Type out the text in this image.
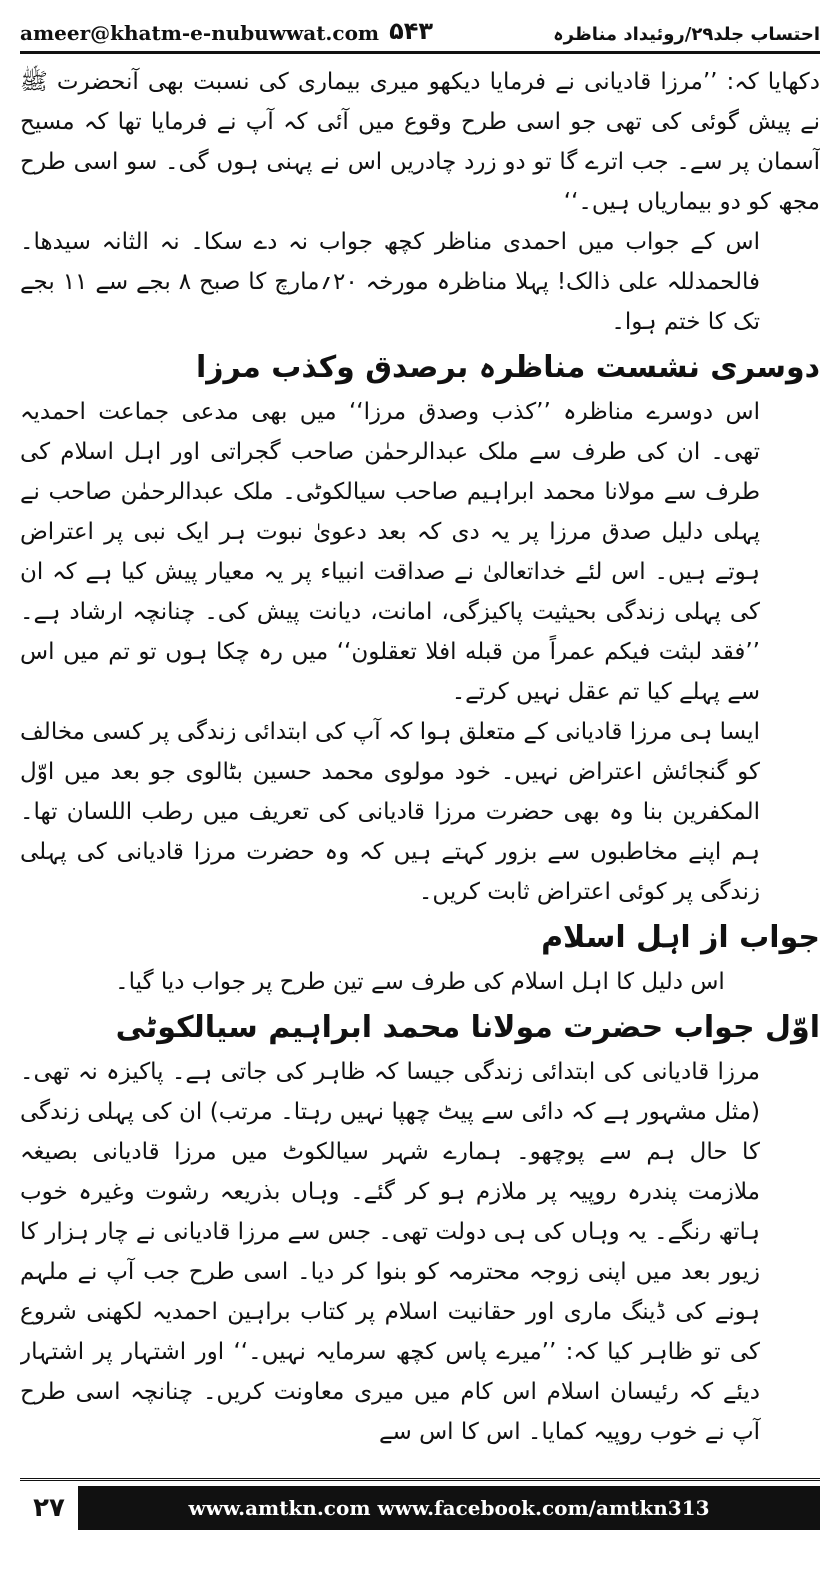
ameer@khatm-e-nubuwwat.com ۵۴۳	احتساب جلد۲۹/روئیداد مناظرہ

دکھایا کہ: ’’مرزا قادیانی نے فرمایا دیکھو میری بیماری کی نسبت بھی آنحضرت ﷺ نے پیش گوئی کی تھی جو اسی طرح وقوع میں آئی کہ آپ نے فرمایا تھا کہ مسیح آسمان پر سے۔ جب اترے گا تو دو زرد چادریں اس نے پہنی ہوں گی۔ سو اسی طرح مجھ کو دو بیماریاں ہیں۔‘‘

اس کے جواب میں احمدی مناظر کچھ جواب نہ دے سکا۔ نہ الثانہ سیدھا۔ فالحمدللہ علی ذالک! پہلا مناظرہ مورخہ ۲۰؍مارچ کا صبح ۸ بجے سے ۱۱ بجے تک کا ختم ہوا۔

دوسری نشست مناظرہ برصدق وکذب مرزا

اس دوسرے مناظرہ ’’کذب وصدق مرزا‘‘ میں بھی مدعی جماعت احمدیہ تھی۔ ان کی طرف سے ملک عبدالرحمٰن صاحب گجراتی اور اہل اسلام کی طرف سے مولانا محمد ابراہیم صاحب سیالکوٹی۔ ملک عبدالرحمٰن صاحب نے پہلی دلیل صدق مرزا پر یہ دی کہ بعد دعویٰ نبوت ہر ایک نبی پر اعتراض ہوتے ہیں۔ اس لئے خداتعالیٰ نے صداقت انبیاء پر یہ معیار پیش کیا ہے کہ ان کی پہلی زندگی بحیثیت پاکیزگی، امانت، دیانت پیش کی۔ چنانچہ ارشاد ہے۔ ’’فقد لبثت فیکم عمراً من قبله افلا تعقلون‘‘ میں رہ چکا ہوں تو تم میں اس سے پہلے کیا تم عقل نہیں کرتے۔

ایسا ہی مرزا قادیانی کے متعلق ہوا کہ آپ کی ابتدائی زندگی پر کسی مخالف کو گنجائش اعتراض نہیں۔ خود مولوی محمد حسین بٹالوی جو بعد میں اوّل المکفرین بنا وہ بھی حضرت مرزا قادیانی کی تعریف میں رطب اللسان تھا۔ ہم اپنے مخاطبوں سے بزور کہتے ہیں کہ وہ حضرت مرزا قادیانی کی پہلی زندگی پر کوئی اعتراض ثابت کریں۔

جواب از اہل اسلام

اس دلیل کا اہل اسلام کی طرف سے تین طرح پر جواب دیا گیا۔

اوّل جواب حضرت مولانا محمد ابراہیم سیالکوٹی

مرزا قادیانی کی ابتدائی زندگی جیسا کہ ظاہر کی جاتی ہے۔ پاکیزہ نہ تھی۔ (مثل مشہور ہے کہ دائی سے پیٹ چھپا نہیں رہتا۔ مرتب) ان کی پہلی زندگی کا حال ہم سے پوچھو۔ ہمارے شہر سیالکوٹ میں مرزا قادیانی بصیغہ ملازمت پندرہ روپیہ پر ملازم ہو کر گئے۔ وہاں بذریعہ رشوت وغیرہ خوب ہاتھ رنگے۔ یہ وہاں کی ہی دولت تھی۔ جس سے مرزا قادیانی نے چار ہزار کا زیور بعد میں اپنی زوجہ محترمہ کو بنوا کر دیا۔ اسی طرح جب آپ نے ملہم ہونے کی ڈینگ ماری اور حقانیت اسلام پر کتاب براہین احمدیہ لکھنی شروع کی تو ظاہر کیا کہ: ’’میرے پاس کچھ سرمایہ نہیں۔‘‘ اور اشتہار پر اشتہار دیئے کہ رئیسان اسلام اس کام میں میری معاونت کریں۔ چنانچہ اسی طرح آپ نے خوب روپیہ کمایا۔ اس کا اس سے

۲۷	www.amtkn.com www.facebook.com/amtkn313 www.emaktaba.info
